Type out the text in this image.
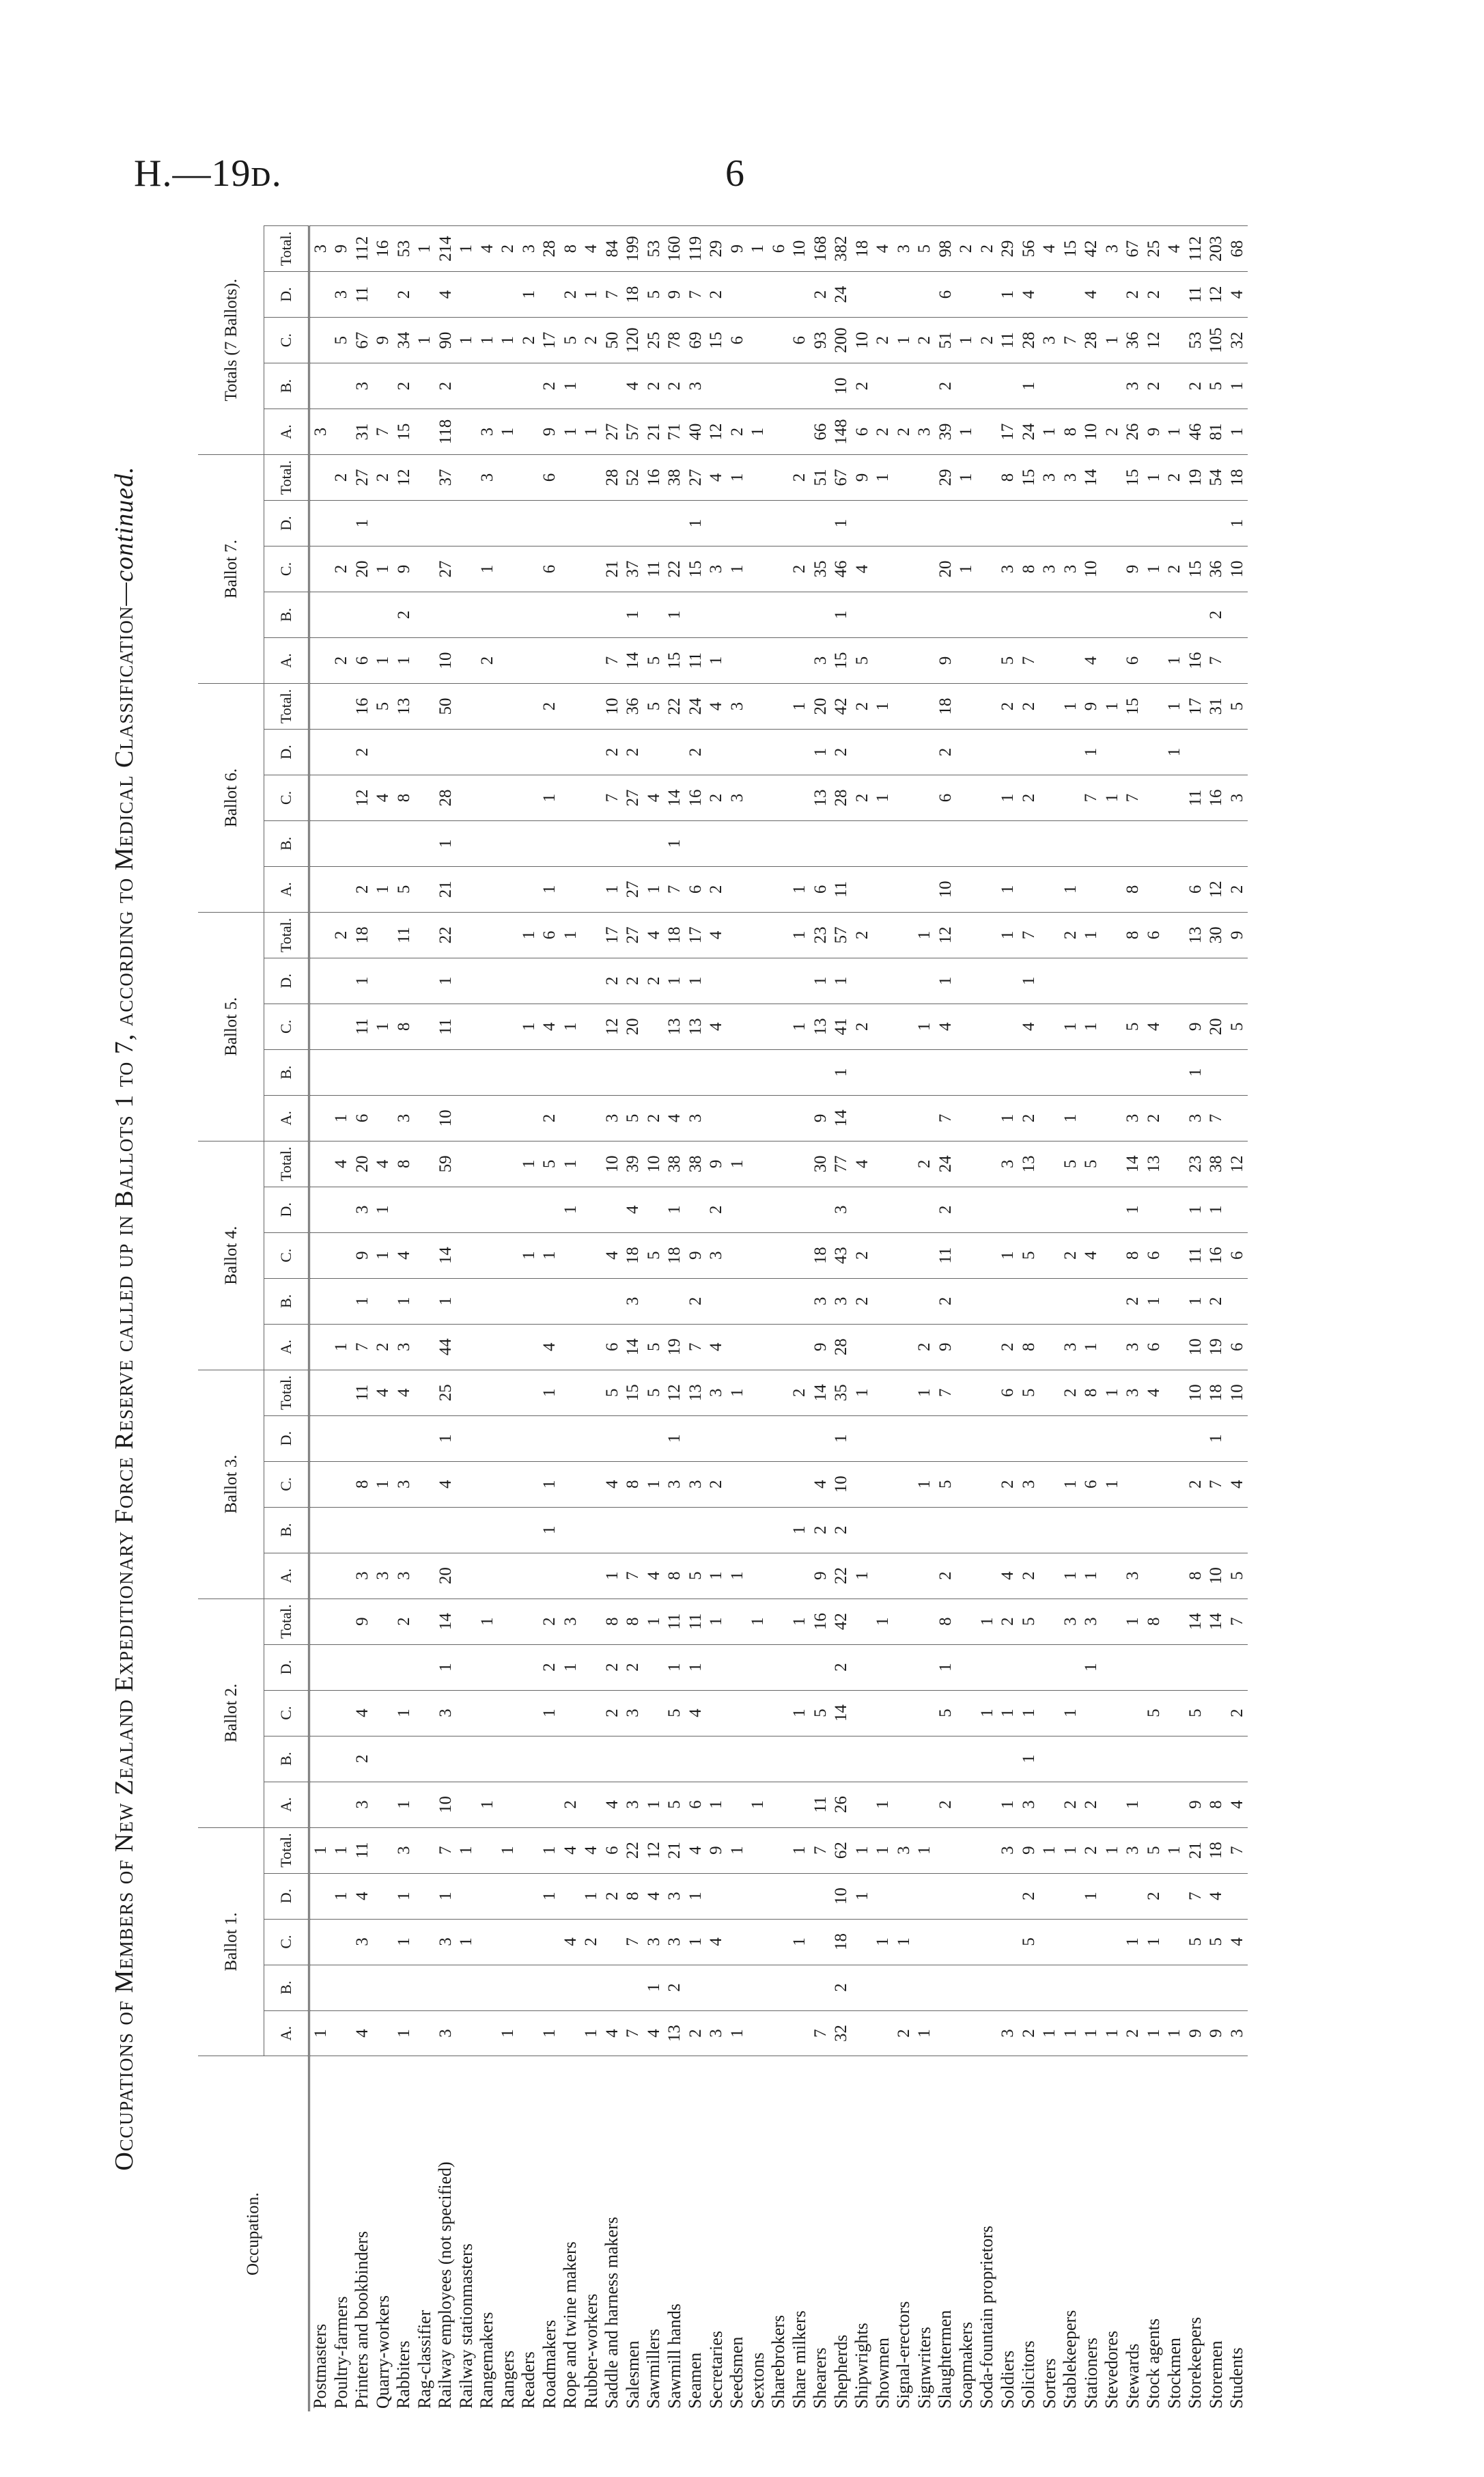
H.—19ᴅ.	6
Occupations of Members of New Zealand Expeditionary Force Reserve called up in Ballots 1 to 7, according to Medical Classification—continued.
Occupation.	Ballot 1.					Ballot 2.					Ballot 3.					Ballot 4.					Ballot 5.					Ballot 6.					Ballot 7.					Totals (7 Ballots).				
	A.	B.	C.	D.	Total.	A.	B.	C.	D.	Total.	A.	B.	C.	D.	Total.	A.	B.	C.	D.	Total.	A.	B.	C.	D.	Total.	A.	B.	C.	D.	Total.	A.	B.	C.	D.	Total.	A.	B.	C.	D.	Total.
Postmasters	1				1																															3				3
Poultry-farmers				1	1											1				4	1				2						2		2		2			5	3	9
Printers and bookbinders	4		3	4	11	3	2	4		9	3		8		11	7	1	9	3	20	6		11	1	18	2		12	2	16	6		20	1	27	31	3	67	11	112
Quarry-workers											3		1		4	2		1	1	4			1			1		4		5	1		1		2	7		9		16
Rabbiters	1		1	1	3	1		1		2	3		3		4	3	1	4		8	3		8		11	5		8		13	1	2	9		12	15	2	34	2	53
Rag-classifier																																						1		1
Railway employees (not specified)	3		3	1	7	10		3	1	14	20		4	1	25	44	1	14		59	10		11	1	22	21	1	28		50	10		27		37	118	2	90	4	214
Railway stationmasters			1		1																																	1		1
Rangemakers						1				1																					2		1		3	3		1		4
Rangers	1				1																															1		1		2
Readers																		1		1			1		1													2	1	3
Roadmakers	1			1	1			1	2	2		1	1		1	4		1		5	2		4		6	1		1		2			6		6	9	2	17		28
Rope and twine makers			4		4	2			1	3									1	1			1		1											1	1	5	2	8
Rubber-workers	1		2	1	4																															1		2	1	4
Saddle and harness makers	4			2	6	4		2	2	8	1		4		5	6		4		10	3		12	2	17	1		7	2	10	7		21		28	27		50	7	84
Salesmen	7		7	8	22	3		3	2	8	7		8		15	14	3	18	4	39	5		20	2	27	27		27	2	36	14	1	37		52	57	4	120	18	199
Sawmillers	4	1	3	4	12	1				1	4		1		5	5		5		10	2			2	4	1		4		5	5		11		16	21	2	25	5	53
Sawmill hands	13	2	3	3	21	5		5	1	11	8		3	1	12	19		18	1	38	4		13	1	18	7	1	14		22	15	1	22		38	71	2	78	9	160
Seamen	2		1	1	4	6		4	1	11	5		3		13	7	2	9		38	3		13	1	17	6		16	2	24	11		15	1	27	40	3	69	7	119
Secretaries	3		4		9	1				1	1		2		3	4		3	2	9			4		4	2		2		4	1		3		4	12		15	2	29
Seedsmen	1				1						1				1					1								3		3			1		1	2		6		9
Sextons						1				1																										1				1
Sharebrokers																																								6
Share milkers			1		1			1		1		1			2								1		1	1				1			2		2			6		10
Shearers	7				7	11		5		16	9	2	4		14	9	3	18		30	9		13	1	23	6		13	1	20	3		35		51	66		93	2	168
Shepherds	32	2	18	10	62	26		14	2	42	22	2	10	1	35	28	3	43	3	77	14	1	41	1	57	11		28	2	42	15	1	46	1	67	148	10	200	24	382
Shipwrights				1	1						1				1		2	2		4			2		2			2		2	5		4		9	6	2	10		18
Showmen			1		1	1				1																		1		1					1	2		2		4
Signal-erectors	2		1		3																															2		1		3
Signwriters	1				1								1		1	2				2			1		1											3		2		5
Slaughtermen						2		5	1	8	2		5		7	9	2	11	2	24	7		4	1	12	10		6	2	18	9		20		29	39	2	51	6	98
Soapmakers																																	1		1	1		1		2
Soda-fountain proprietors								1		1																												2		2
Soldiers	3				3	1		1		2	4		2		6	2		1		3	1				1	1		1		2	5		3		8	17		11	1	29
Solicitors	2		5	2	9	3	1	1		5	2		3		5	8		5		13	2		4	1	7			2		2	7		8		15	24	1	28	4	56
Sorters	1				1																												3		3	1		3		4
Stablekeepers	1				1	2		1		3	1		1		2	3		2		5	1		1		2	1				1			3		3	8		7		15
Stationers	1			1	2	2			1	3	1		6		8	1		4		5			1		1			7	1	9	4		10		14	10		28	4	42
Stevedores	1				1								1		1													1		1						2		1		3
Stewards	2		1		3	1				1	3				3	3	2	8	1	14	3		5		8	8		7		15	6		9		15	26	3	36	2	67
Stock agents	1		1	2	5			5		8					4	6	1	6		13	2		4		6								1		1	9	2	12	2	25
Stockmen	1				1																								1	1	1		2		2	1				4
Storekeepers	9		5	7	21	9		5		14	8		2		10	10	1	11	1	23	3	1	9		13	6		11		17	16		15		19	46	2	53	11	112
Storemen	9		5	4	18	8				14	10		7	1	18	19	2	16	1	38	7		20		30	12		16		31	7	2	36		54	81	5	105	12	203
Students	3		4		7	4		2		7	5		4		10	6		6		12			5		9	2		3		5			10	1	18	1	1	32	4	68
